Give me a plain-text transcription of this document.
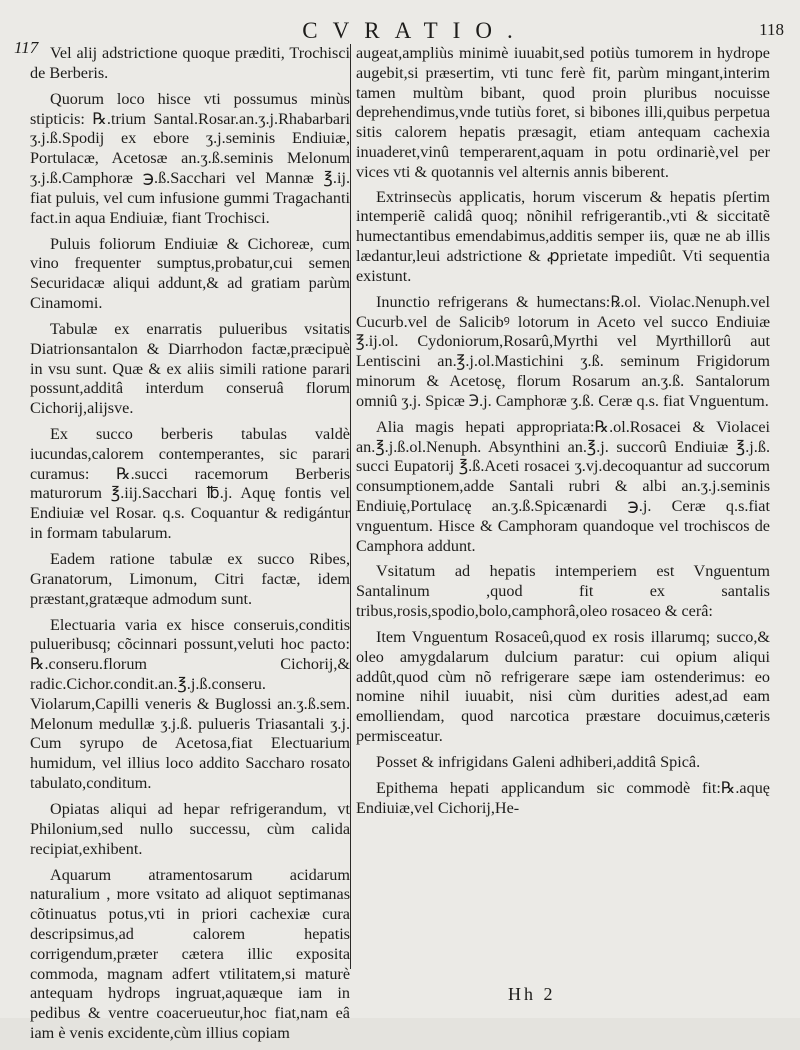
117
CVRATIO.	118

Vel alij adstrictione quoque præditi, Trochisci de Berberis.

Quorum loco hisce vti possumus minùs stipticis: ℞.trium Santal.Rosar.an.ʒ.j.Rhabarbari ʒ.j.ß.Spodij ex ebore ʒ.j.seminis Endiuiæ, Portulacæ, Acetosæ an.ʒ.ß.seminis Melonum ʒ.j.ß.Camphoræ ℈.ß.Sacchari vel Mannæ ℥.ij. fiat puluis, vel cum infusione gummi Tragachanti fact.in aqua Endiuiæ, fiant Trochisci.

Puluis foliorum Endiuiæ & Cichoreæ, cum vino frequenter sumptus,probatur,cui semen Securidacæ aliqui addunt,& ad gratiam parùm Cinamomi.

Tabulæ ex enarratis pulueribus vsitatis Diatrionsantalon & Diarrhodon factæ,præcipuè in vsu sunt. Quæ & ex aliis simili ratione parari possunt,additâ interdum conseruâ florum Cichorij,alijsve.

Ex succo berberis tabulas valdè iucundas,calorem contemperantes, sic parari curamus: ℞.succi racemorum Berberis maturorum ℥.iij.Sacchari ℔.j. Aquę fontis vel Endiuiæ vel Rosar. q.s. Coquantur & redigántur in formam tabularum.

Eadem ratione tabulæ ex succo Ribes, Granatorum, Limonum, Citri factæ, idem præstant,gratæque admodum sunt.

Electuaria varia ex hisce conseruis,conditis pulueribusq; cõcinnari possunt,veluti hoc pacto: ℞.conseru.florum Cichorij,& radic.Cichor.condit.an.℥.j.ß.conseru. Violarum,Capilli veneris & Buglossi an.ʒ.ß.sem. Melonum medullæ ʒ.j.ß. pulueris Triasantali ʒ.j. Cum syrupo de Acetosa,fiat Electuarium humidum, vel illius loco addito Saccharo rosato tabulato,conditum.

Opiatas aliqui ad hepar refrigerandum, vt Philonium,sed nullo successu, cùm calida recipiat,exhibent.

Aquarum atramentosarum acidarum naturalium , more vsitato ad aliquot septimanas cõtinuatus potus,vti in priori cachexiæ cura descripsimus,ad calorem hepatis corrigendum,præter cætera illic exposita commoda, magnam adfert vtilitatem,si maturè antequam hydrops ingruat,aquæque iam in pedibus & ventre coacerueutur,hoc fiat,nam eâ iam è venis excidente,cùm illius copiam

augeat,ampliùs minimè iuuabit,sed potiùs tumorem in hydrope augebit,si præsertim, vti tunc ferè fit, parùm mingant,interim tamen multùm bibant, quod proin pluribus nocuisse deprehendimus,vnde tutiùs foret, si bibones illi,quibus perpetua sitis calorem hepatis præsagit, etiam antequam cachexia inuaderet,vinû temperarent,aquam in potu ordinariè,vel per vices vti & quotannis vel alternis annis biberent.

Extrinsecùs applicatis, horum viscerum & hepatis pſertim intemperiẽ calidâ quoq; nõnihil refrigerantib.,vti & siccitatẽ humectantibus emendabimus,additis semper iis, quæ ne ab illis lædantur,leui adstrictione & ꝓprietate impediût. Vti sequentia existunt.

Inunctio refrigerans & humectans:℞.ol. Violac.Nenuph.vel Cucurb.vel de Salicibꝰ lotorum in Aceto vel succo Endiuiæ ℥.ij.ol. Cydoniorum,Rosarû,Myrthi vel Myrthillorû aut Lentiscini an.℥.j.ol.Mastichini ʒ.ß. seminum Frigidorum minorum & Acetosę, florum Rosarum an.ʒ.ß. Santalorum omniû ʒ.j. Spicæ ℈.j. Camphoræ ʒ.ß. Ceræ q.s. fiat Vnguentum.

Alia magis hepati appropriata:℞.ol.Rosacei & Violacei an.℥.j.ß.ol.Nenuph. Absynthini an.℥.j. succorû Endiuiæ ℥.j.ß. succi Eupatorij ℥.ß.Aceti rosacei ʒ.vj.decoquantur ad succorum consumptionem,adde Santali rubri & albi an.ʒ.j.seminis Endiuię,Portulacę an.ʒ.ß.Spicænardi ℈.j. Ceræ q.s.fiat vnguentum. Hisce & Camphoram quandoque vel trochiscos de Camphora addunt.

Vsitatum ad hepatis intemperiem est Vnguentum Santalinum ,quod fit ex santalis tribus,rosis,spodio,bolo,camphorâ,oleo rosaceo & cerâ:

Item Vnguentum Rosaceû,quod ex rosis illarumq; succo,& oleo amygdalarum dulcium paratur: cui opium aliqui addût,quod cùm nõ refrigerare sæpe iam ostenderimus: eo nomine nihil iuuabit, nisi cùm durities adest,ad eam emolliendam, quod narcotica præstare docuimus,cæteris permisceatur.

Posset & infrigidans Galeni adhiberi,additâ Spicâ.

Epithema hepati applicandum sic commodè fit:℞.aquę Endiuiæ,vel Cichorij,He-

Hh 2
